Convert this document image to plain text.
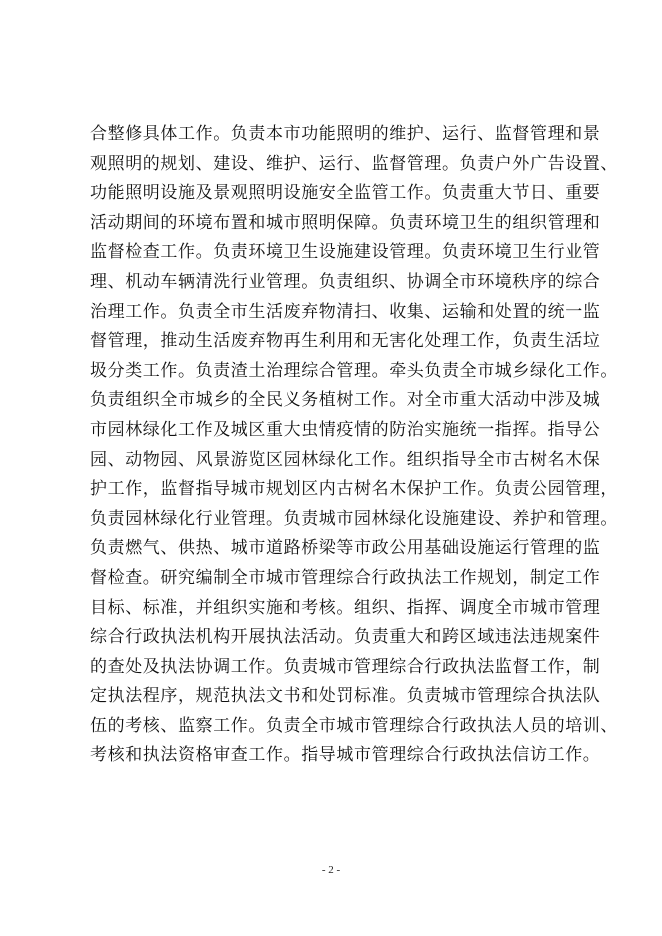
合整修具体工作。负责本市功能照明的维护、运行、监督管理和景
观照明的规划、建设、维护、运行、监督管理。负责户外广告设置、
功能照明设施及景观照明设施安全监管工作。负责重大节日、重要
活动期间的环境布置和城市照明保障。负责环境卫生的组织管理和
监督检查工作。负责环境卫生设施建设管理。负责环境卫生行业管
理、机动车辆清洗行业管理。负责组织、协调全市环境秩序的综合
治理工作。负责全市生活废弃物清扫、收集、运输和处置的统一监
督管理，推动生活废弃物再生利用和无害化处理工作，负责生活垃
圾分类工作。负责渣土治理综合管理。牵头负责全市城乡绿化工作。
负责组织全市城乡的全民义务植树工作。对全市重大活动中涉及城
市园林绿化工作及城区重大虫情疫情的防治实施统一指挥。指导公
园、动物园、风景游览区园林绿化工作。组织指导全市古树名木保
护工作，监督指导城市规划区内古树名木保护工作。负责公园管理，
负责园林绿化行业管理。负责城市园林绿化设施建设、养护和管理。
负责燃气、供热、城市道路桥梁等市政公用基础设施运行管理的监
督检查。研究编制全市城市管理综合行政执法工作规划，制定工作
目标、标准，并组织实施和考核。组织、指挥、调度全市城市管理
综合行政执法机构开展执法活动。负责重大和跨区域违法违规案件
的查处及执法协调工作。负责城市管理综合行政执法监督工作，制
定执法程序，规范执法文书和处罚标准。负责城市管理综合执法队
伍的考核、监察工作。负责全市城市管理综合行政执法人员的培训、
考核和执法资格审查工作。指导城市管理综合行政执法信访工作。
- 2 -
